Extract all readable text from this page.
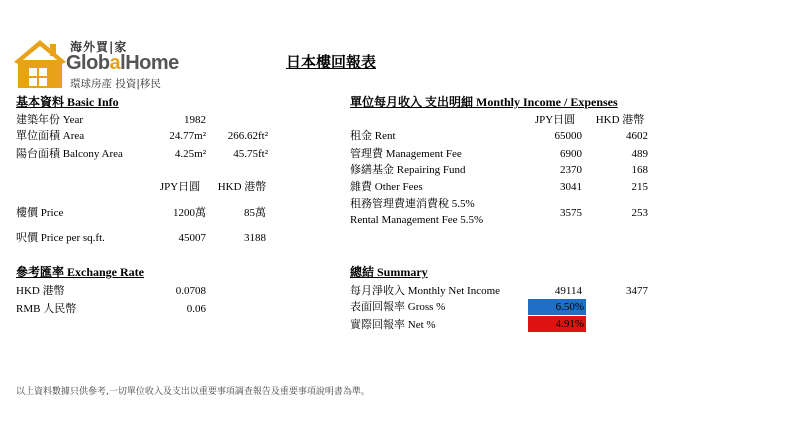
海外買|家
GlobalHome
環球房產 投資|移民
日本樓回報表
基本資料 Basic Info
建築年份 Year	1982
單位面積 Area	24.77m²	266.62ft²
陽台面積 Balcony Area	4.25m²	45.75ft²
JPY日圓	HKD 港幣
樓價 Price	1200萬	85萬
呎價 Price per sq.ft.	45007	3188
參考匯率 Exchange Rate
HKD 港幣	0.0708
RMB 人民幣	0.06
單位每月收入 支出明細 Monthly Income / Expenses
JPY日圓	HKD 港幣
租金 Rent	65000	4602
管理費 Management Fee	6900	489
修繕基金 Repairing Fund	2370	168
雜費 Other Fees	3041	215
租務管理費連消費稅 5.5%
Rental Management Fee 5.5%
3575	253
總結 Summary
每月淨收入 Monthly Net Income	49114	3477
表面回報率 Gross %	6.50%
實際回報率 Net %	4.91%
以上資料數據只供參考,一切單位收入及支出以重要事項調查報告及重要事項說明書為準。
